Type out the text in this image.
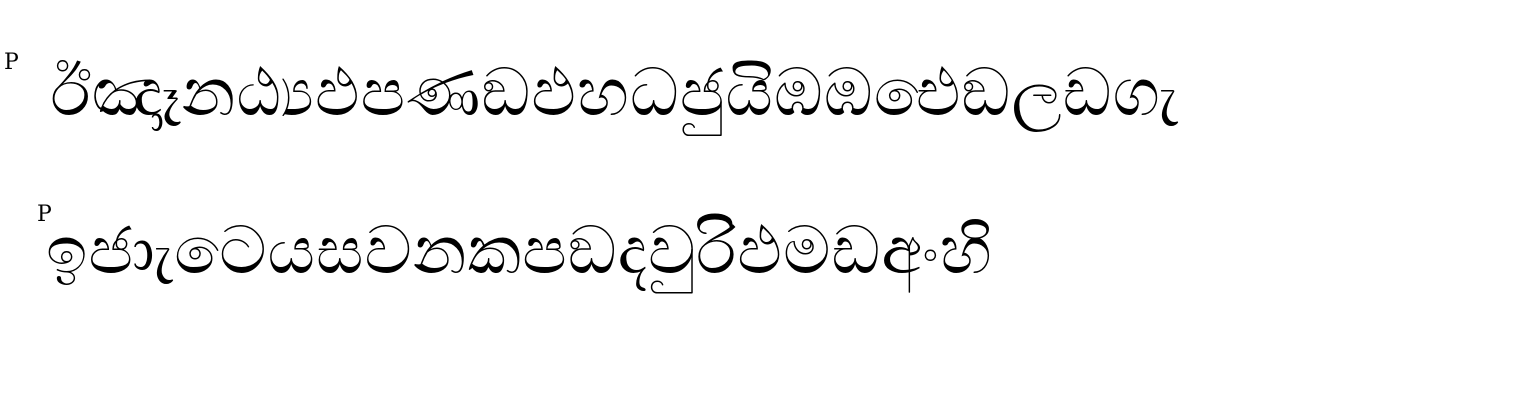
P ඊඤාෑනඨ්‍යඵපණඞඵහධජුයිඹඹඓඞලඩගැ
P
ඉජාැටෙයසවනකපඞදවුරිඵමඩඅංහි
